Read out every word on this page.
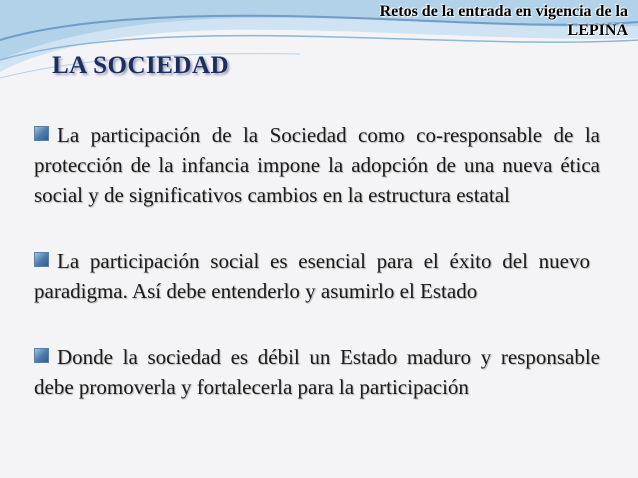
Retos de la entrada en vigencia de la
LEPINA
LA SOCIEDAD
La participación de la Sociedad como co-responsable de la protección de la infancia impone la adopción de una nueva ética social y de significativos cambios en la estructura estatal
La participación social es esencial para el éxito del nuevo paradigma. Así debe entenderlo y asumirlo el Estado
Donde la sociedad es débil un Estado maduro y responsable debe promoverla y fortalecerla para la participación
